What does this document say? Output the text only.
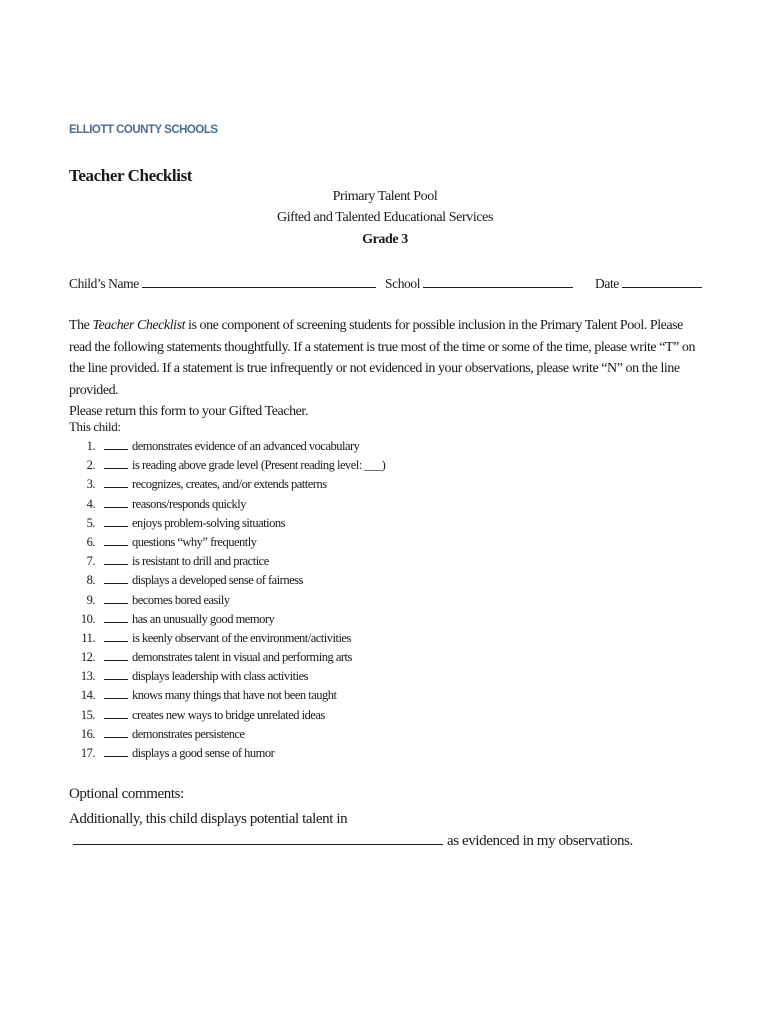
ELLIOTT COUNTY SCHOOLS
Teacher Checklist
Primary Talent Pool
Gifted and Talented Educational Services
Grade 3
Child’s Name	School	Date

The Teacher Checklist is one component of screening students for possible inclusion in the Primary Talent Pool. Please read the following statements thoughtfully. If a statement is true most of the time or some of the time, please write “T” on the line provided. If a statement is true infrequently or not evidenced in your observations, please write “N” on the line provided.

Please return this form to your Gifted Teacher.

This child:
1.	demonstrates evidence of an advanced vocabulary
2.	is reading above grade level (Present reading level: ___)
3.	recognizes, creates, and/or extends patterns
4.	reasons/responds quickly
5.	enjoys problem-solving situations
6.	questions “why” frequently
7.	is resistant to drill and practice
8.	displays a developed sense of fairness
9.	becomes bored easily
10.	has an unusually good memory
11.	is keenly observant of the environment/activities
12.	demonstrates talent in visual and performing arts
13.	displays leadership with class activities
14.	knows many things that have not been taught
15.	creates new ways to bridge unrelated ideas
16.	demonstrates persistence
17.	displays a good sense of humor
Optional comments:
Additionally, this child displays potential talent inas evidenced in my observations.
